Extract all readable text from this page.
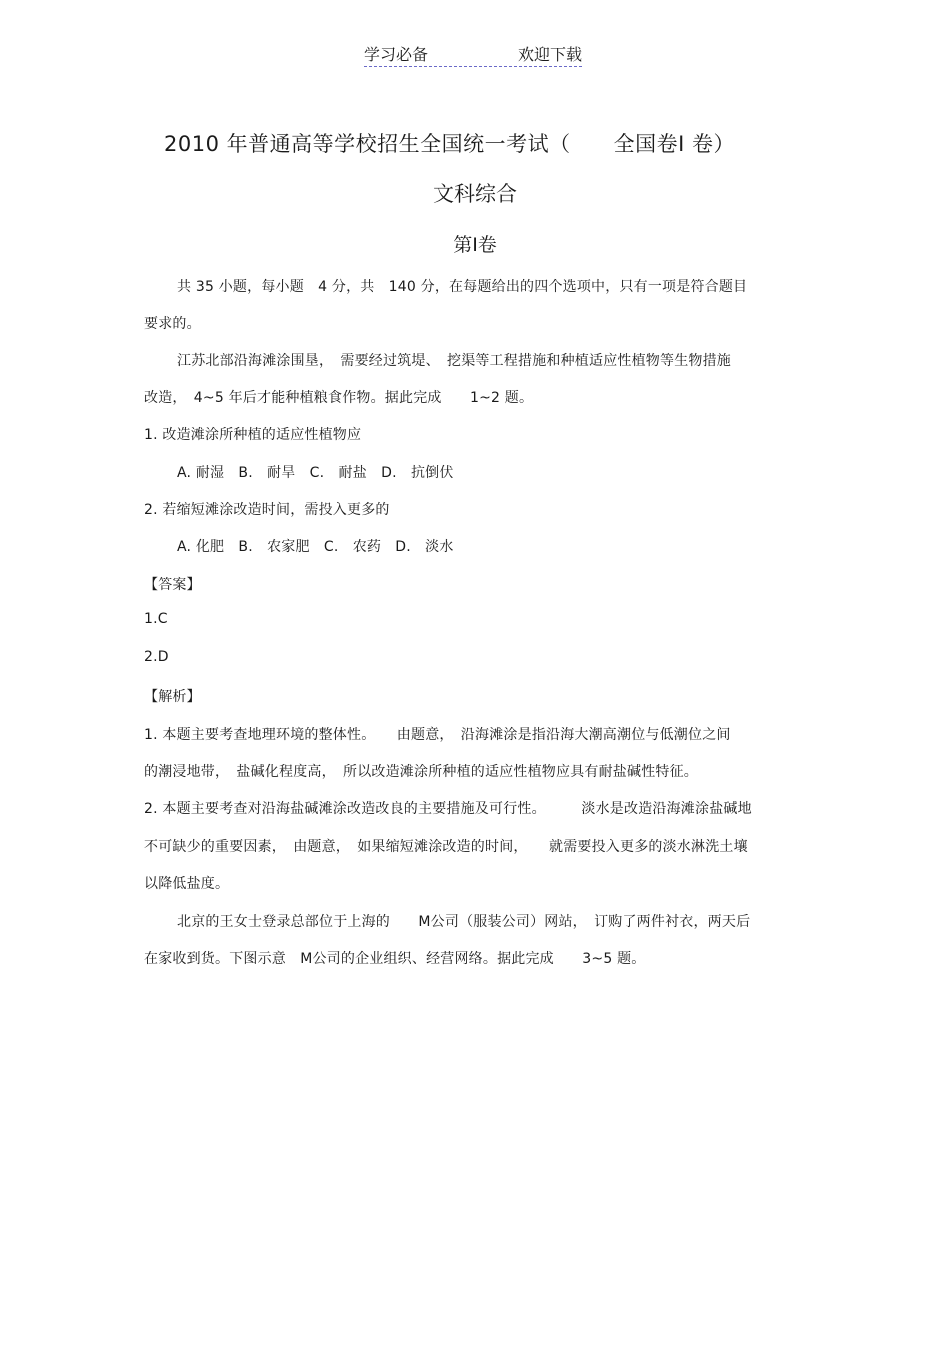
学习必备	欢迎下载
2010 年普通高等学校招生全国统一考试（　　全国卷Ⅰ 卷）
文科综合
第Ⅰ卷
共 35 小题，每小题　4 分，共　140 分，在每题给出的四个选项中，只有一项是符合题目
要求的。
江苏北部沿海滩涂围垦，　需要经过筑堤、　挖渠等工程措施和种植适应性植物等生物措施
改造，　4~5 年后才能种植粮食作物。据此完成　　1~2 题。
1. 改造滩涂所种植的适应性植物应
A. 耐湿　B.　耐旱　C.　耐盐　D.　抗倒伏
2. 若缩短滩涂改造时间，需投入更多的
A. 化肥　B.　农家肥　C.　农药　D.　淡水
【答案】
1.C
2.D
【解析】
1. 本题主要考查地理环境的整体性。　　由题意，　沿海滩涂是指沿海大潮高潮位与低潮位之间
的潮浸地带，　盐碱化程度高，　所以改造滩涂所种植的适应性植物应具有耐盐碱性特征。
2. 本题主要考查对沿海盐碱滩涂改造改良的主要措施及可行性。　　　淡水是改造沿海滩涂盐碱地
不可缺少的重要因素，　由题意，　如果缩短滩涂改造的时间，　　就需要投入更多的淡水淋洗土壤
以降低盐度。
北京的王女士登录总部位于上海的　　M公司（服装公司）网站，　订购了两件衬衣，两天后
在家收到货。下图示意　M公司的企业组织、经营网络。据此完成　　3~5 题。
